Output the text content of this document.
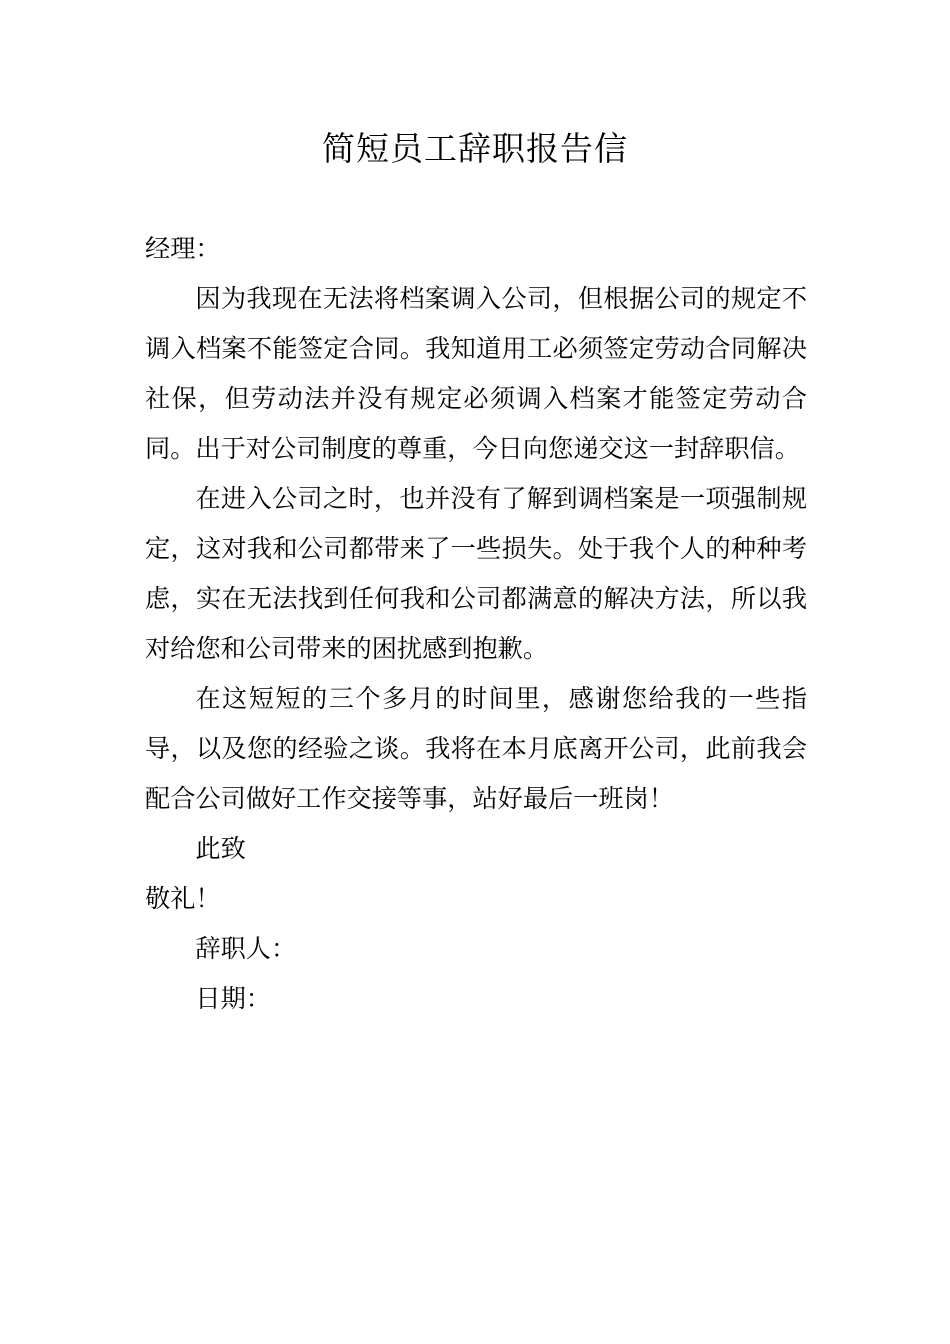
简短员工辞职报告信

经理：

因为我现在无法将档案调入公司，但根据公司的规定不调入档案不能签定合同。我知道用工必须签定劳动合同解决社保，但劳动法并没有规定必须调入档案才能签定劳动合同。出于对公司制度的尊重，今日向您递交这一封辞职信。

在进入公司之时，也并没有了解到调档案是一项强制规定，这对我和公司都带来了一些损失。处于我个人的种种考虑，实在无法找到任何我和公司都满意的解决方法，所以我对给您和公司带来的困扰感到抱歉。

在这短短的三个多月的时间里，感谢您给我的一些指导，以及您的经验之谈。我将在本月底离开公司，此前我会配合公司做好工作交接等事，站好最后一班岗！

此致

敬礼！

辞职人：

日期：
